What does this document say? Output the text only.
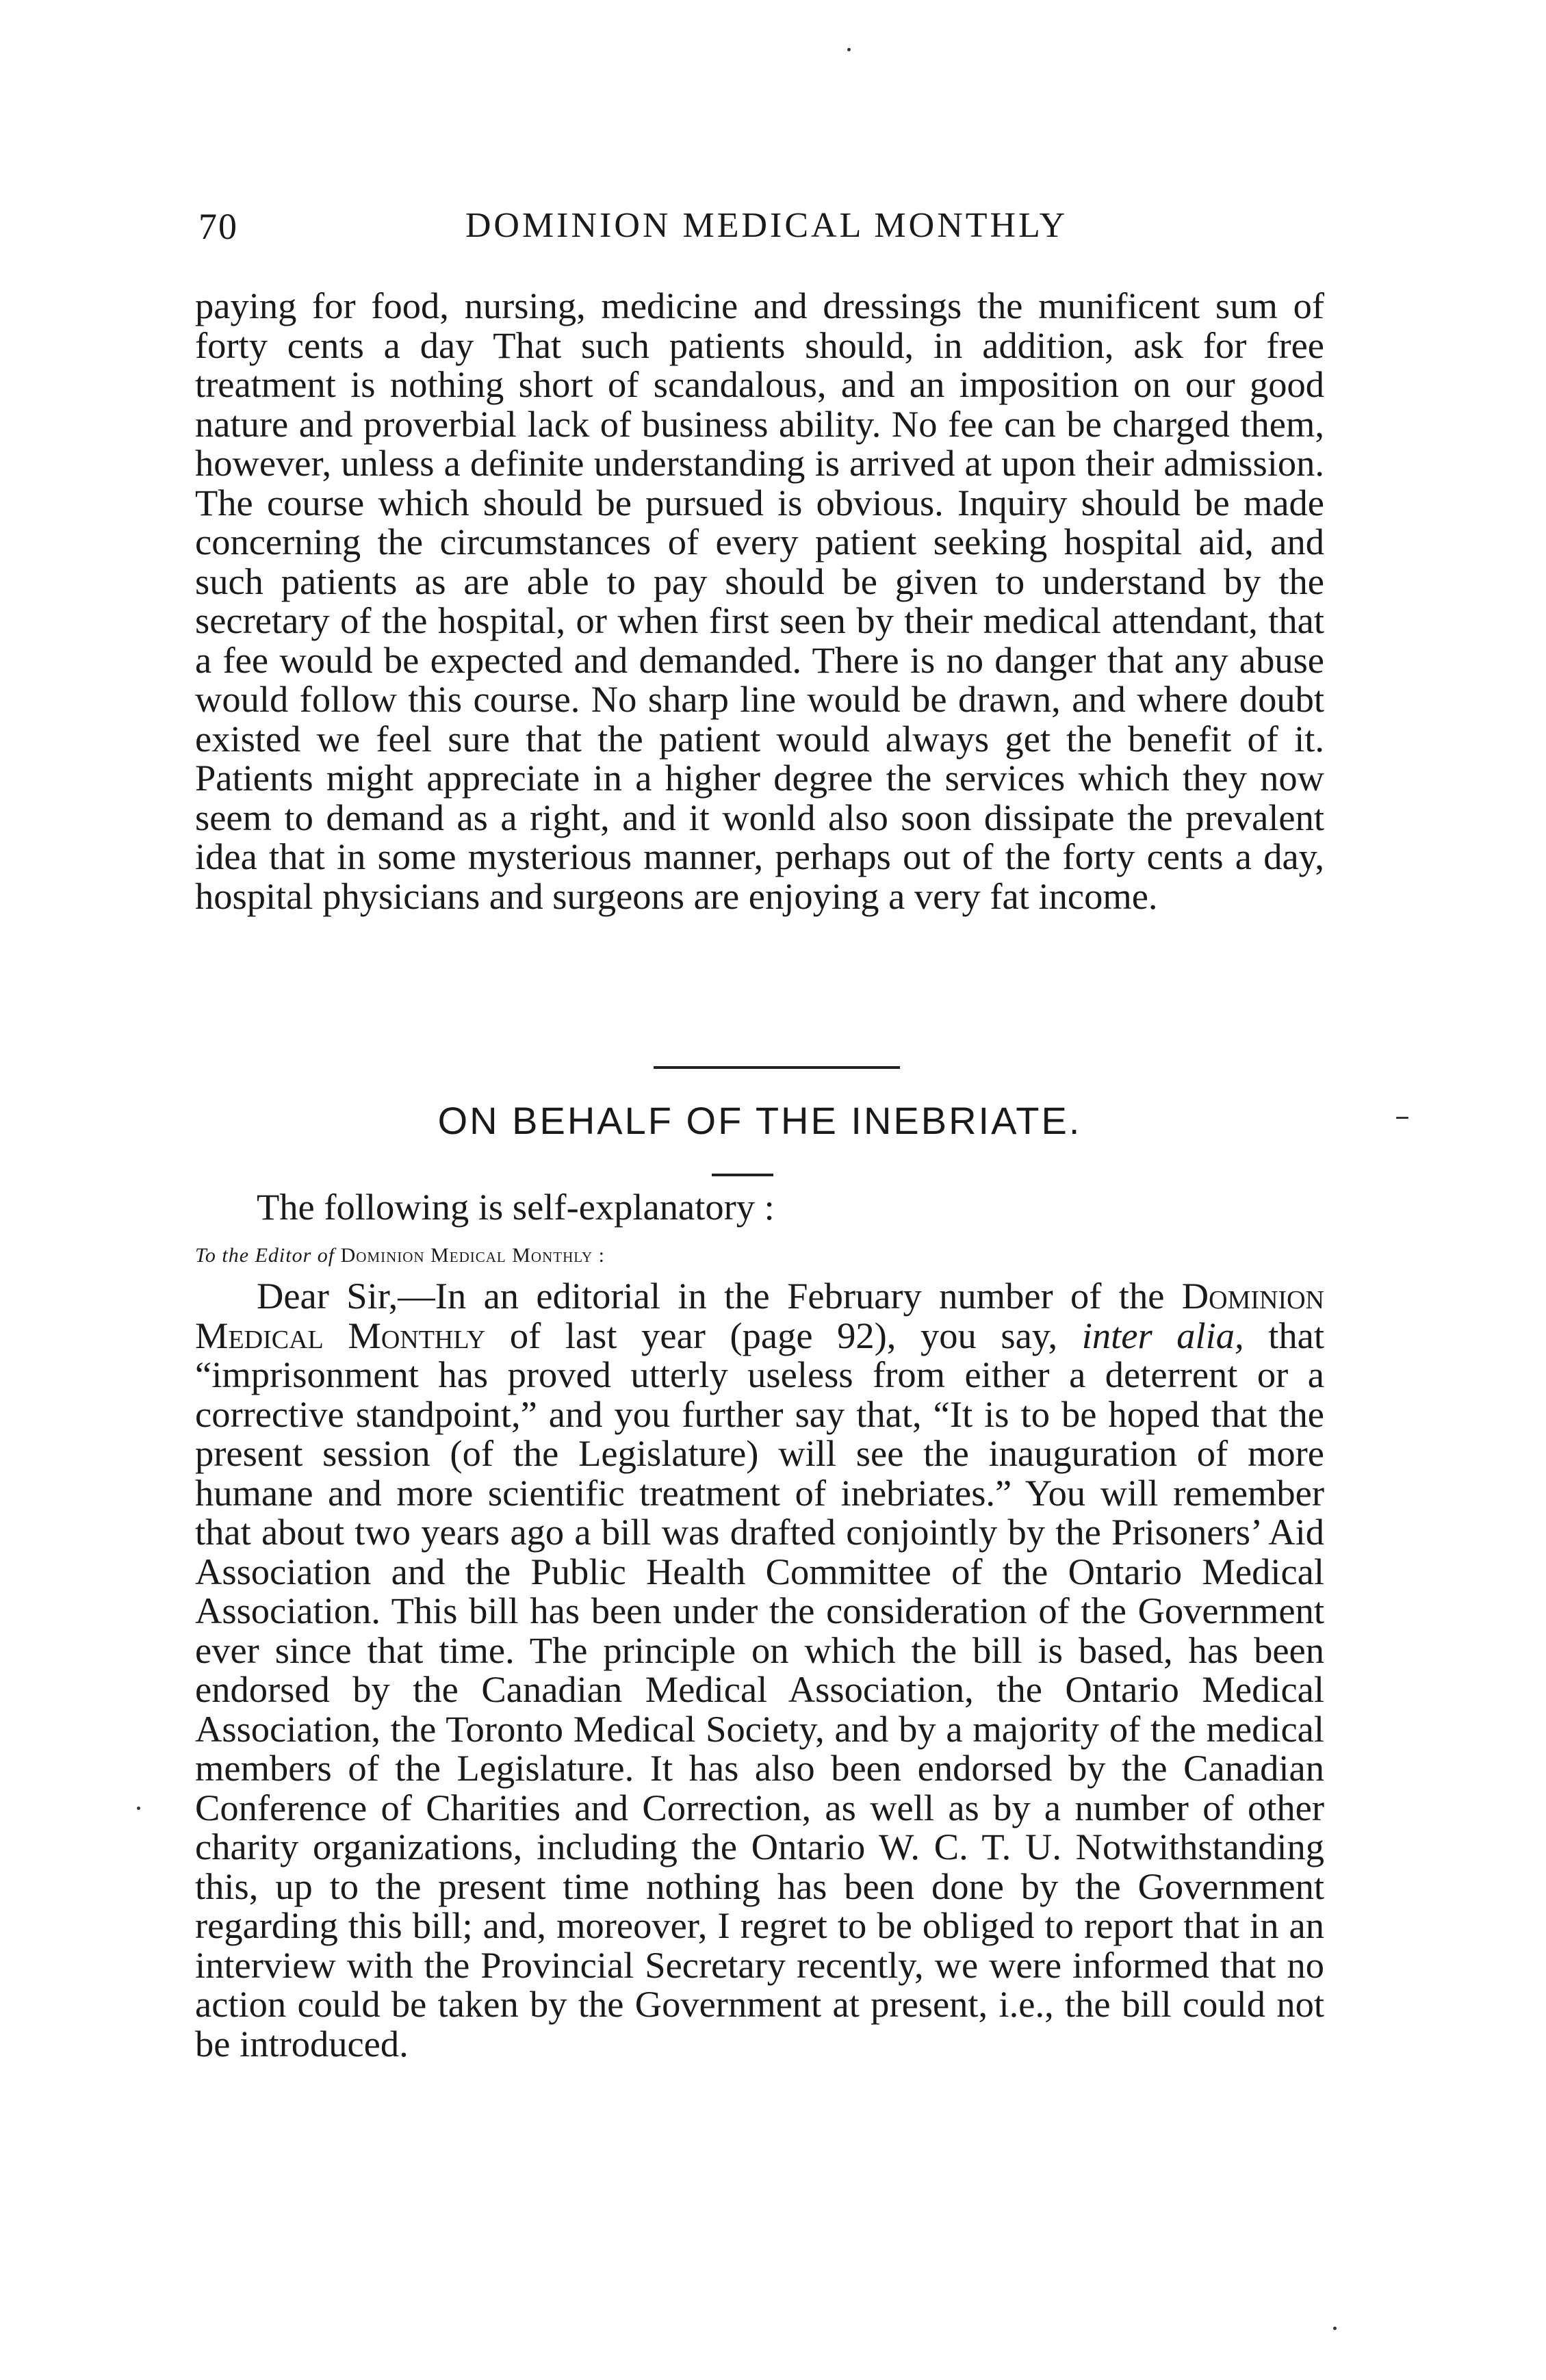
70	DOMINION MEDICAL MONTHLY

paying for food, nursing, medicine and dressings the munificent sum of forty cents a day That such patients should, in addition, ask for free treatment is nothing short of scandalous, and an imposition on our good nature and proverbial lack of business ability. No fee can be charged them, however, unless a definite understanding is arrived at upon their admission. The course which should be pursued is obvious. Inquiry should be made concerning the circumstances of every patient seeking hospital aid, and such patients as are able to pay should be given to understand by the secretary of the hospital, or when first seen by their medical attendant, that a fee would be expected and demanded. There is no danger that any abuse would follow this course. No sharp line would be drawn, and where doubt existed we feel sure that the patient would always get the benefit of it. Patients might appreciate in a higher degree the services which they now seem to demand as a right, and it wonld also soon dissipate the prevalent idea that in some mysterious manner, perhaps out of the forty cents a day, hospital physicians and surgeons are enjoying a very fat income.

ON BEHALF OF THE INEBRIATE.

The following is self-explanatory :

To the Editor of Dominion Medical Monthly :

Dear Sir,—In an editorial in the February number of the Dominion Medical Monthly of last year (page 92), you say, inter alia, that “imprisonment has proved utterly useless from either a deterrent or a corrective standpoint,” and you further say that, “It is to be hoped that the present session (of the Legislature) will see the inauguration of more humane and more scientific treatment of inebriates.” You will remember that about two years ago a bill was drafted conjointly by the Prisoners’ Aid Association and the Public Health Committee of the Ontario Medical Association. This bill has been under the consideration of the Government ever since that time. The principle on which the bill is based, has been endorsed by the Canadian Medical Association, the Ontario Medical Association, the Toronto Medical Society, and by a majority of the medical members of the Legislature. It has also been endorsed by the Canadian Conference of Charities and Correction, as well as by a number of other charity organizations, including the Ontario W. C. T. U. Notwithstanding this, up to the present time nothing has been done by the Government regarding this bill; and, moreover, I regret to be obliged to report that in an interview with the Provincial Secretary recently, we were informed that no action could be taken by the Government at present, i.e., the bill could not be introduced.
